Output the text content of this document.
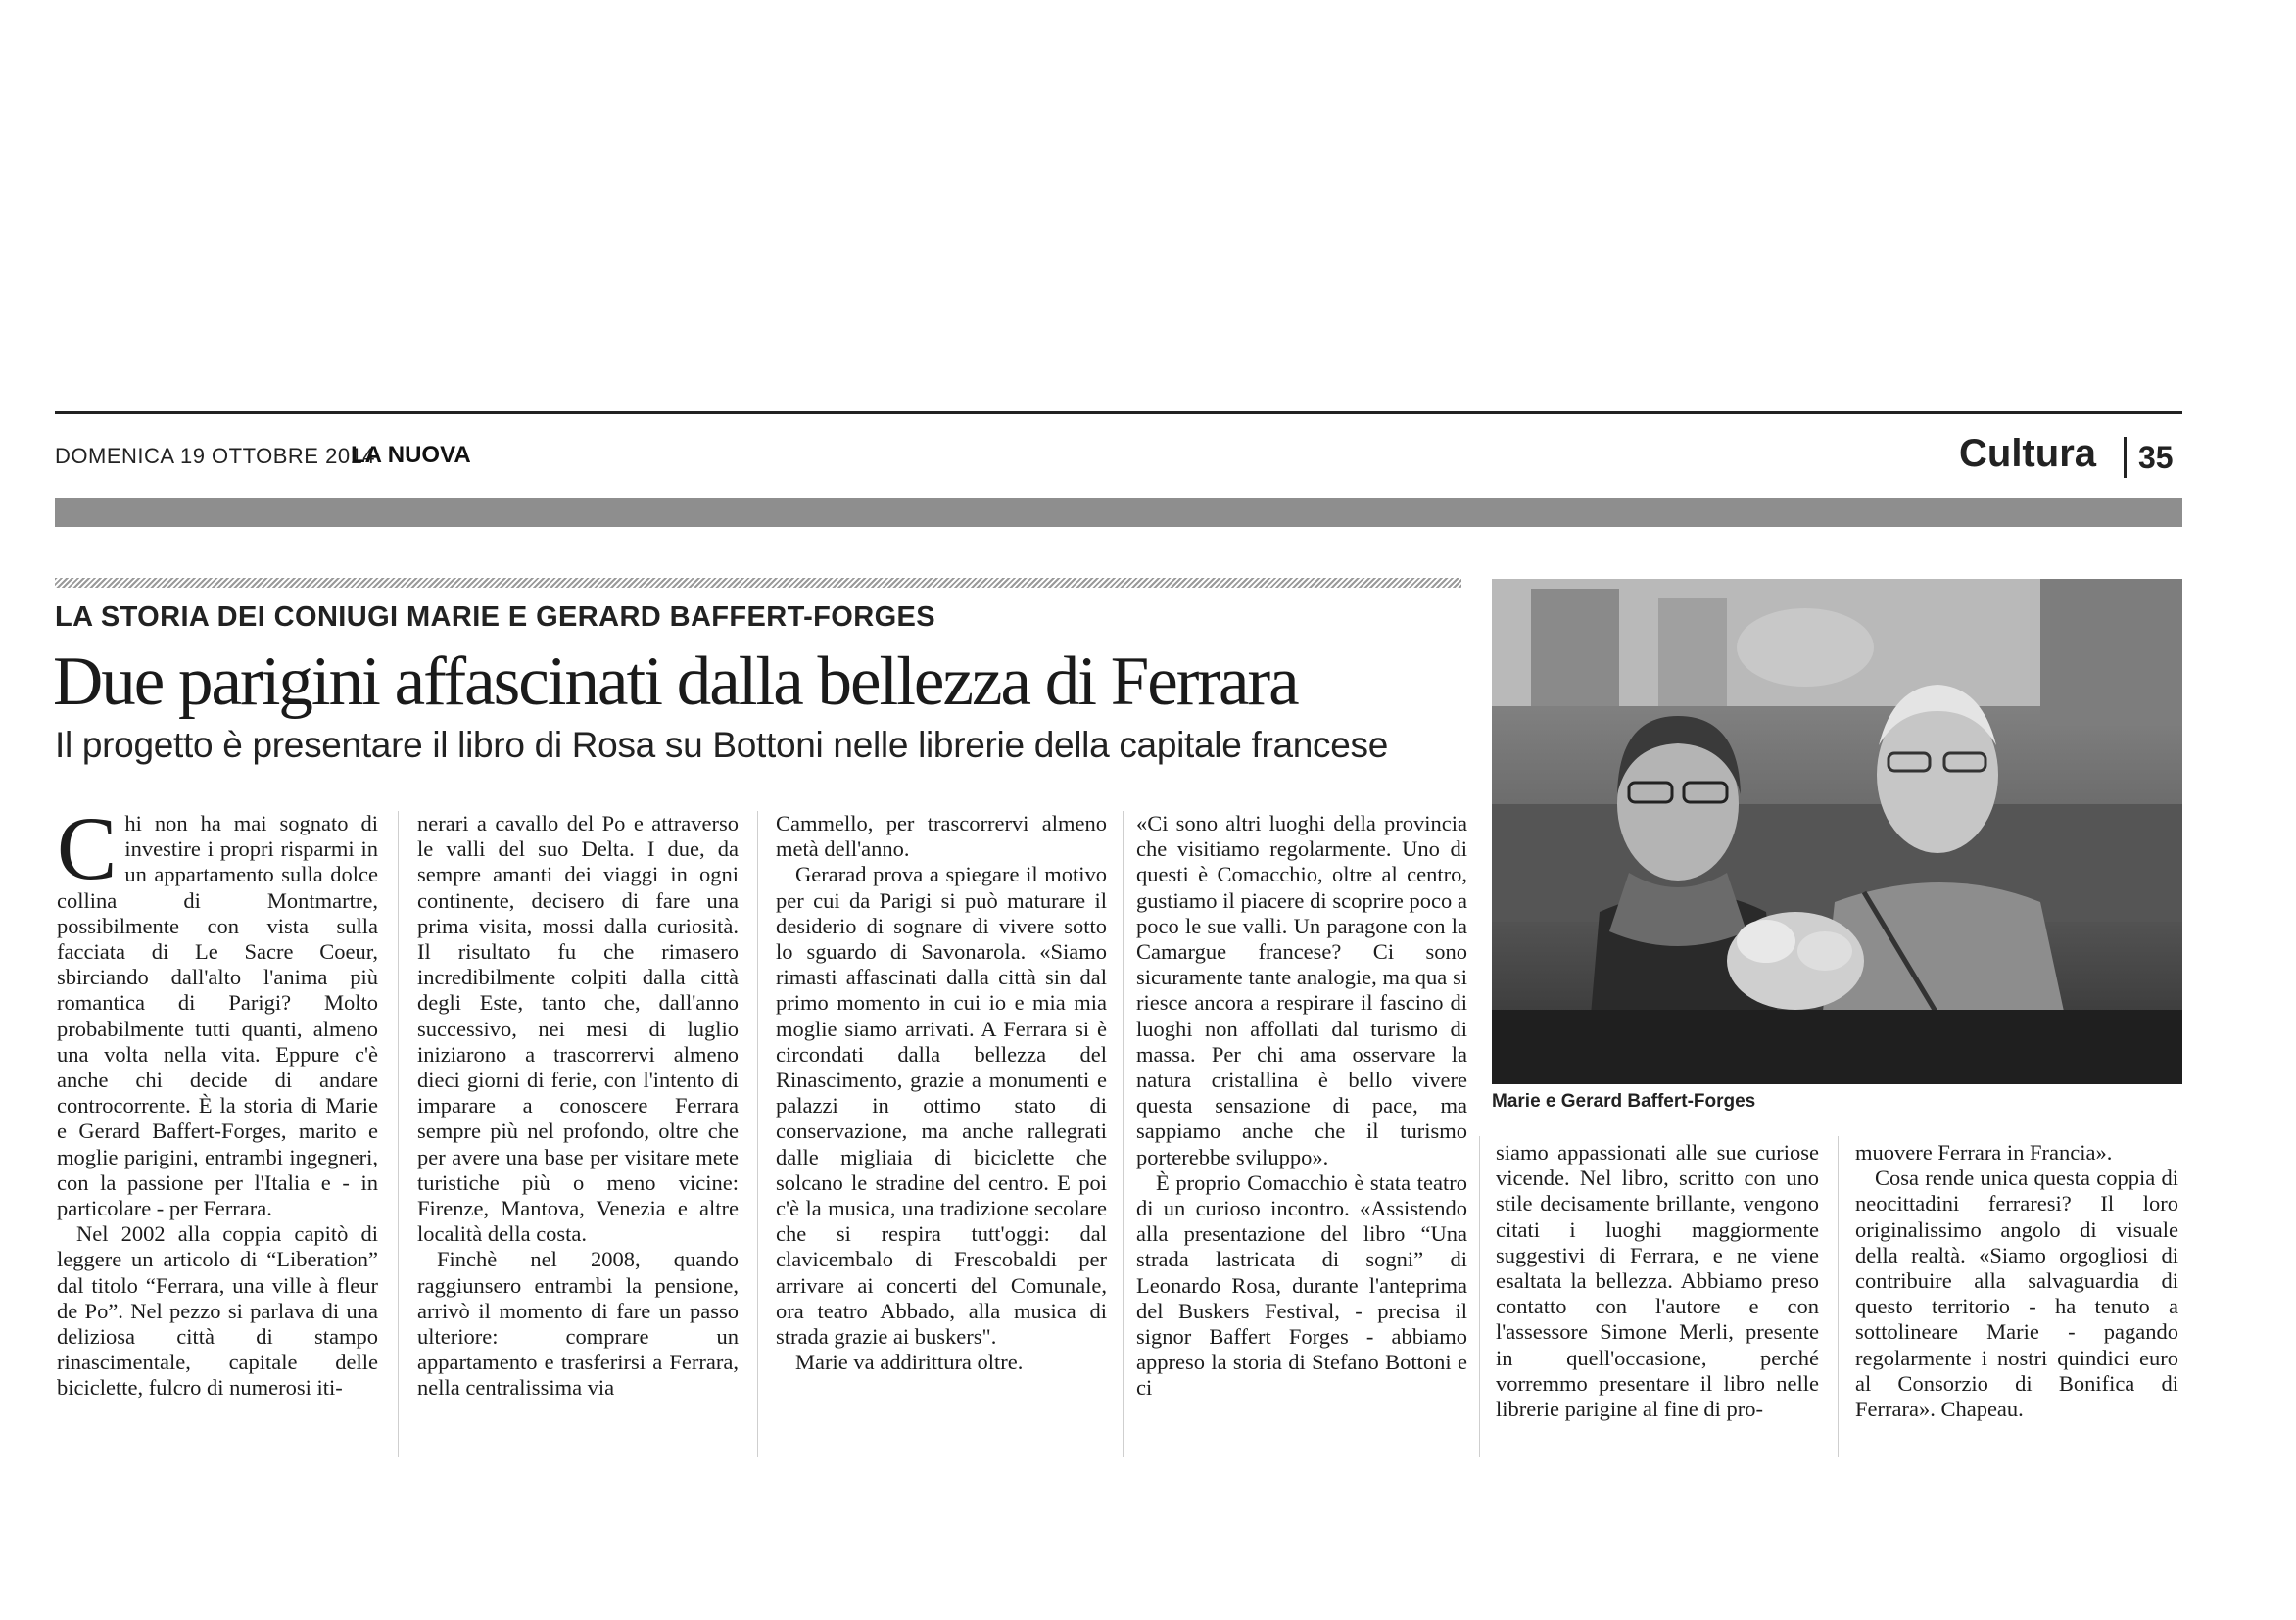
DOMENICA 19 OTTOBRE 2014
LA NUOVA	Cultura 35
LA STORIA DEI CONIUGI MARIE E GERARD BAFFERT-FORGES
Due parigini affascinati dalla bellezza di Ferrara
Il progetto è presentare il libro di Rosa su Bottoni nelle librerie della capitale francese

Chi non ha mai sognato di investire i propri risparmi in un appartamento sulla dolce collina di Montmartre, possibilmente con vista sulla facciata di Le Sacre Coeur, sbirciando dall'alto l'anima più romantica di Parigi? Molto probabilmente tutti quanti, almeno una volta nella vita. Eppure c'è anche chi decide di andare controcorrente. È la storia di Marie e Gerard Baffert-Forges, marito e moglie parigini, entrambi ingegneri, con la passione per l'Italia e - in particolare - per Ferrara.

Nel 2002 alla coppia capitò di leggere un articolo di “Liberation” dal titolo “Ferrara, una ville à fleur de Po”. Nel pezzo si parlava di una deliziosa città di stampo rinascimentale, capitale delle biciclette, fulcro di numerosi iti-

nerari a cavallo del Po e attraverso le valli del suo Delta. I due, da sempre amanti dei viaggi in ogni continente, decisero di fare una prima visita, mossi dalla curiosità. Il risultato fu che rimasero incredibilmente colpiti dalla città degli Este, tanto che, dall'anno successivo, nei mesi di luglio iniziarono a trascorrervi almeno dieci giorni di ferie, con l'intento di imparare a conoscere Ferrara sempre più nel profondo, oltre che per avere una base per visitare mete turistiche più o meno vicine: Firenze, Mantova, Venezia e altre località della costa.

Finchè nel 2008, quando raggiunsero entrambi la pensione, arrivò il momento di fare un passo ulteriore: comprare un appartamento e trasferirsi a Ferrara, nella centralissima via

Cammello, per trascorrervi almeno metà dell'anno.

Gerarad prova a spiegare il motivo per cui da Parigi si può maturare il desiderio di sognare di vivere sotto lo sguardo di Savonarola. «Siamo rimasti affascinati dalla città sin dal primo momento in cui io e mia mia moglie siamo arrivati. A Ferrara si è circondati dalla bellezza del Rinascimento, grazie a monumenti e palazzi in ottimo stato di conservazione, ma anche rallegrati dalle migliaia di biciclette che solcano le stradine del centro. E poi c'è la musica, una tradizione secolare che si respira tutt'oggi: dal clavicembalo di Frescobaldi per arrivare ai concerti del Comunale, ora teatro Abbado, alla musica di strada grazie ai buskers".

Marie va addirittura oltre.

«Ci sono altri luoghi della provincia che visitiamo regolarmente. Uno di questi è Comacchio, oltre al centro, gustiamo il piacere di scoprire poco a poco le sue valli. Un paragone con la Camargue francese? Ci sono sicuramente tante analogie, ma qua si riesce ancora a respirare il fascino di luoghi non affollati dal turismo di massa. Per chi ama osservare la natura cristallina è bello vivere questa sensazione di pace, ma sappiamo anche che il turismo porterebbe sviluppo».

È proprio Comacchio è stata teatro di un curioso incontro. «Assistendo alla presentazione del libro “Una strada lastricata di sogni” di Leonardo Rosa, durante l'anteprima del Buskers Festival, - precisa il signor Baffert Forges - abbiamo appreso la storia di Stefano Bottoni e ci

siamo appassionati alle sue curiose vicende. Nel libro, scritto con uno stile decisamente brillante, vengono citati i luoghi maggiormente suggestivi di Ferrara, e ne viene esaltata la bellezza. Abbiamo preso contatto con l'autore e con l'assessore Simone Merli, presente in quell'occasione, perché vorremmo presentare il libro nelle librerie parigine al fine di pro-

muovere Ferrara in Francia».

Cosa rende unica questa coppia di neocittadini ferraresi? Il loro originalissimo angolo di visuale della realtà. «Siamo orgogliosi di contribuire alla salvaguardia di questo territorio - ha tenuto a sottolineare Marie - pagando regolarmente i nostri quindici euro al Consorzio di Bonifica di Ferrara». Chapeau.

Marie e Gerard Baffert-Forges
